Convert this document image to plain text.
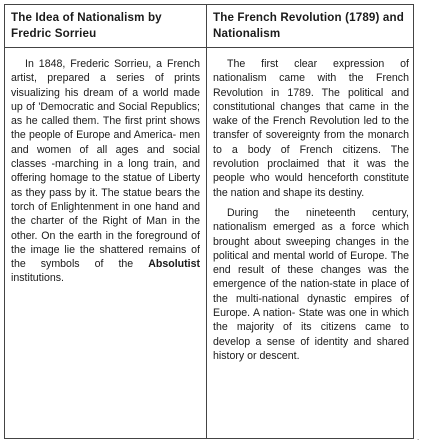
The Idea of Nationalism by Fredric Sorrieu
The French Revolution (1789) and Nationalism

In 1848, Frederic Sorrieu, a French artist, prepared a series of prints visualizing his dream of a world made up of 'Democratic and Social Republics; as he called them. The first print shows the people of Europe and America- men and women of all ages and social classes -marching in a long train, and offering homage to the statue of Liberty as they pass by it. The statue bears the torch of Enlightenment in one hand and the charter of the Right of Man in the other. On the earth in the foreground of the image lie the shattered remains of the symbols of the Absolutist institutions.

The first clear expression of nationalism came with the French Revolution in 1789. The political and constitutional changes that came in the wake of the French Revolution led to the transfer of sovereignty from the monarch to a body of French citizens. The revolution proclaimed that it was the people who would henceforth constitute the nation and shape its destiny.

During the nineteenth century, nationalism emerged as a force which brought about sweeping changes in the political and mental world of Europe. The end result of these changes was the emergence of the nation-state in place of the multi-national dynastic empires of Europe. A nation- State was one in which the majority of its citizens came to develop a sense of identity and shared history or descent.

.
